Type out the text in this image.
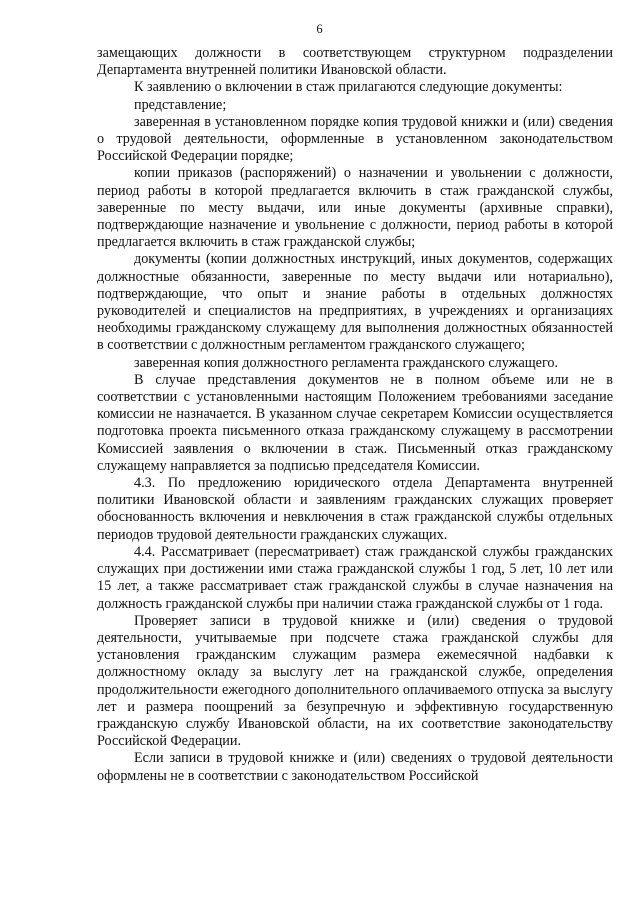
6

замещающих должности в соответствующем структурном подразделении Департамента внутренней политики Ивановской области.

К заявлению о включении в стаж прилагаются следующие документы:

представление;

заверенная в установленном порядке копия трудовой книжки и (или) сведения о трудовой деятельности, оформленные в установленном законодательством Российской Федерации порядке;

копии приказов (распоряжений) о назначении и увольнении с должности, период работы в которой предлагается включить в стаж гражданской службы, заверенные по месту выдачи, или иные документы (архивные справки), подтверждающие назначение и увольнение с должности, период работы в которой предлагается включить в стаж гражданской службы;

документы (копии должностных инструкций, иных документов, содержащих должностные обязанности, заверенные по месту выдачи или нотариально), подтверждающие, что опыт и знание работы в отдельных должностях руководителей и специалистов на предприятиях, в учреждениях и организациях необходимы гражданскому служащему для выполнения должностных обязанностей в соответствии с должностным регламентом гражданского служащего;

заверенная копия должностного регламента гражданского служащего.

В случае представления документов не в полном объеме или не в соответствии с установленными настоящим Положением требованиями заседание комиссии не назначается. В указанном случае секретарем Комиссии осуществляется подготовка проекта письменного отказа гражданскому служащему в рассмотрении Комиссией заявления о включении в стаж. Письменный отказ гражданскому служащему направляется за подписью председателя Комиссии.

4.3. По предложению юридического отдела Департамента внутренней политики Ивановской области и заявлениям гражданских служащих проверяет обоснованность включения и невключения в стаж гражданской службы отдельных периодов трудовой деятельности гражданских служащих.

4.4. Рассматривает (пересматривает) стаж гражданской службы гражданских служащих при достижении ими стажа гражданской службы 1 год, 5 лет, 10 лет или 15 лет, а также рассматривает стаж гражданской службы в случае назначения на должность гражданской службы при наличии стажа гражданской службы от 1 года.

Проверяет записи в трудовой книжке и (или) сведения о трудовой деятельности, учитываемые при подсчете стажа гражданской службы для установления гражданским служащим размера ежемесячной надбавки к должностному окладу за выслугу лет на гражданской службе, определения продолжительности ежегодного дополнительного оплачиваемого отпуска за выслугу лет и размера поощрений за безупречную и эффективную государственную гражданскую службу Ивановской области, на их соответствие законодательству Российской Федерации.

Если записи в трудовой книжке и (или) сведениях о трудовой деятельности оформлены не в соответствии с законодательством Российской
